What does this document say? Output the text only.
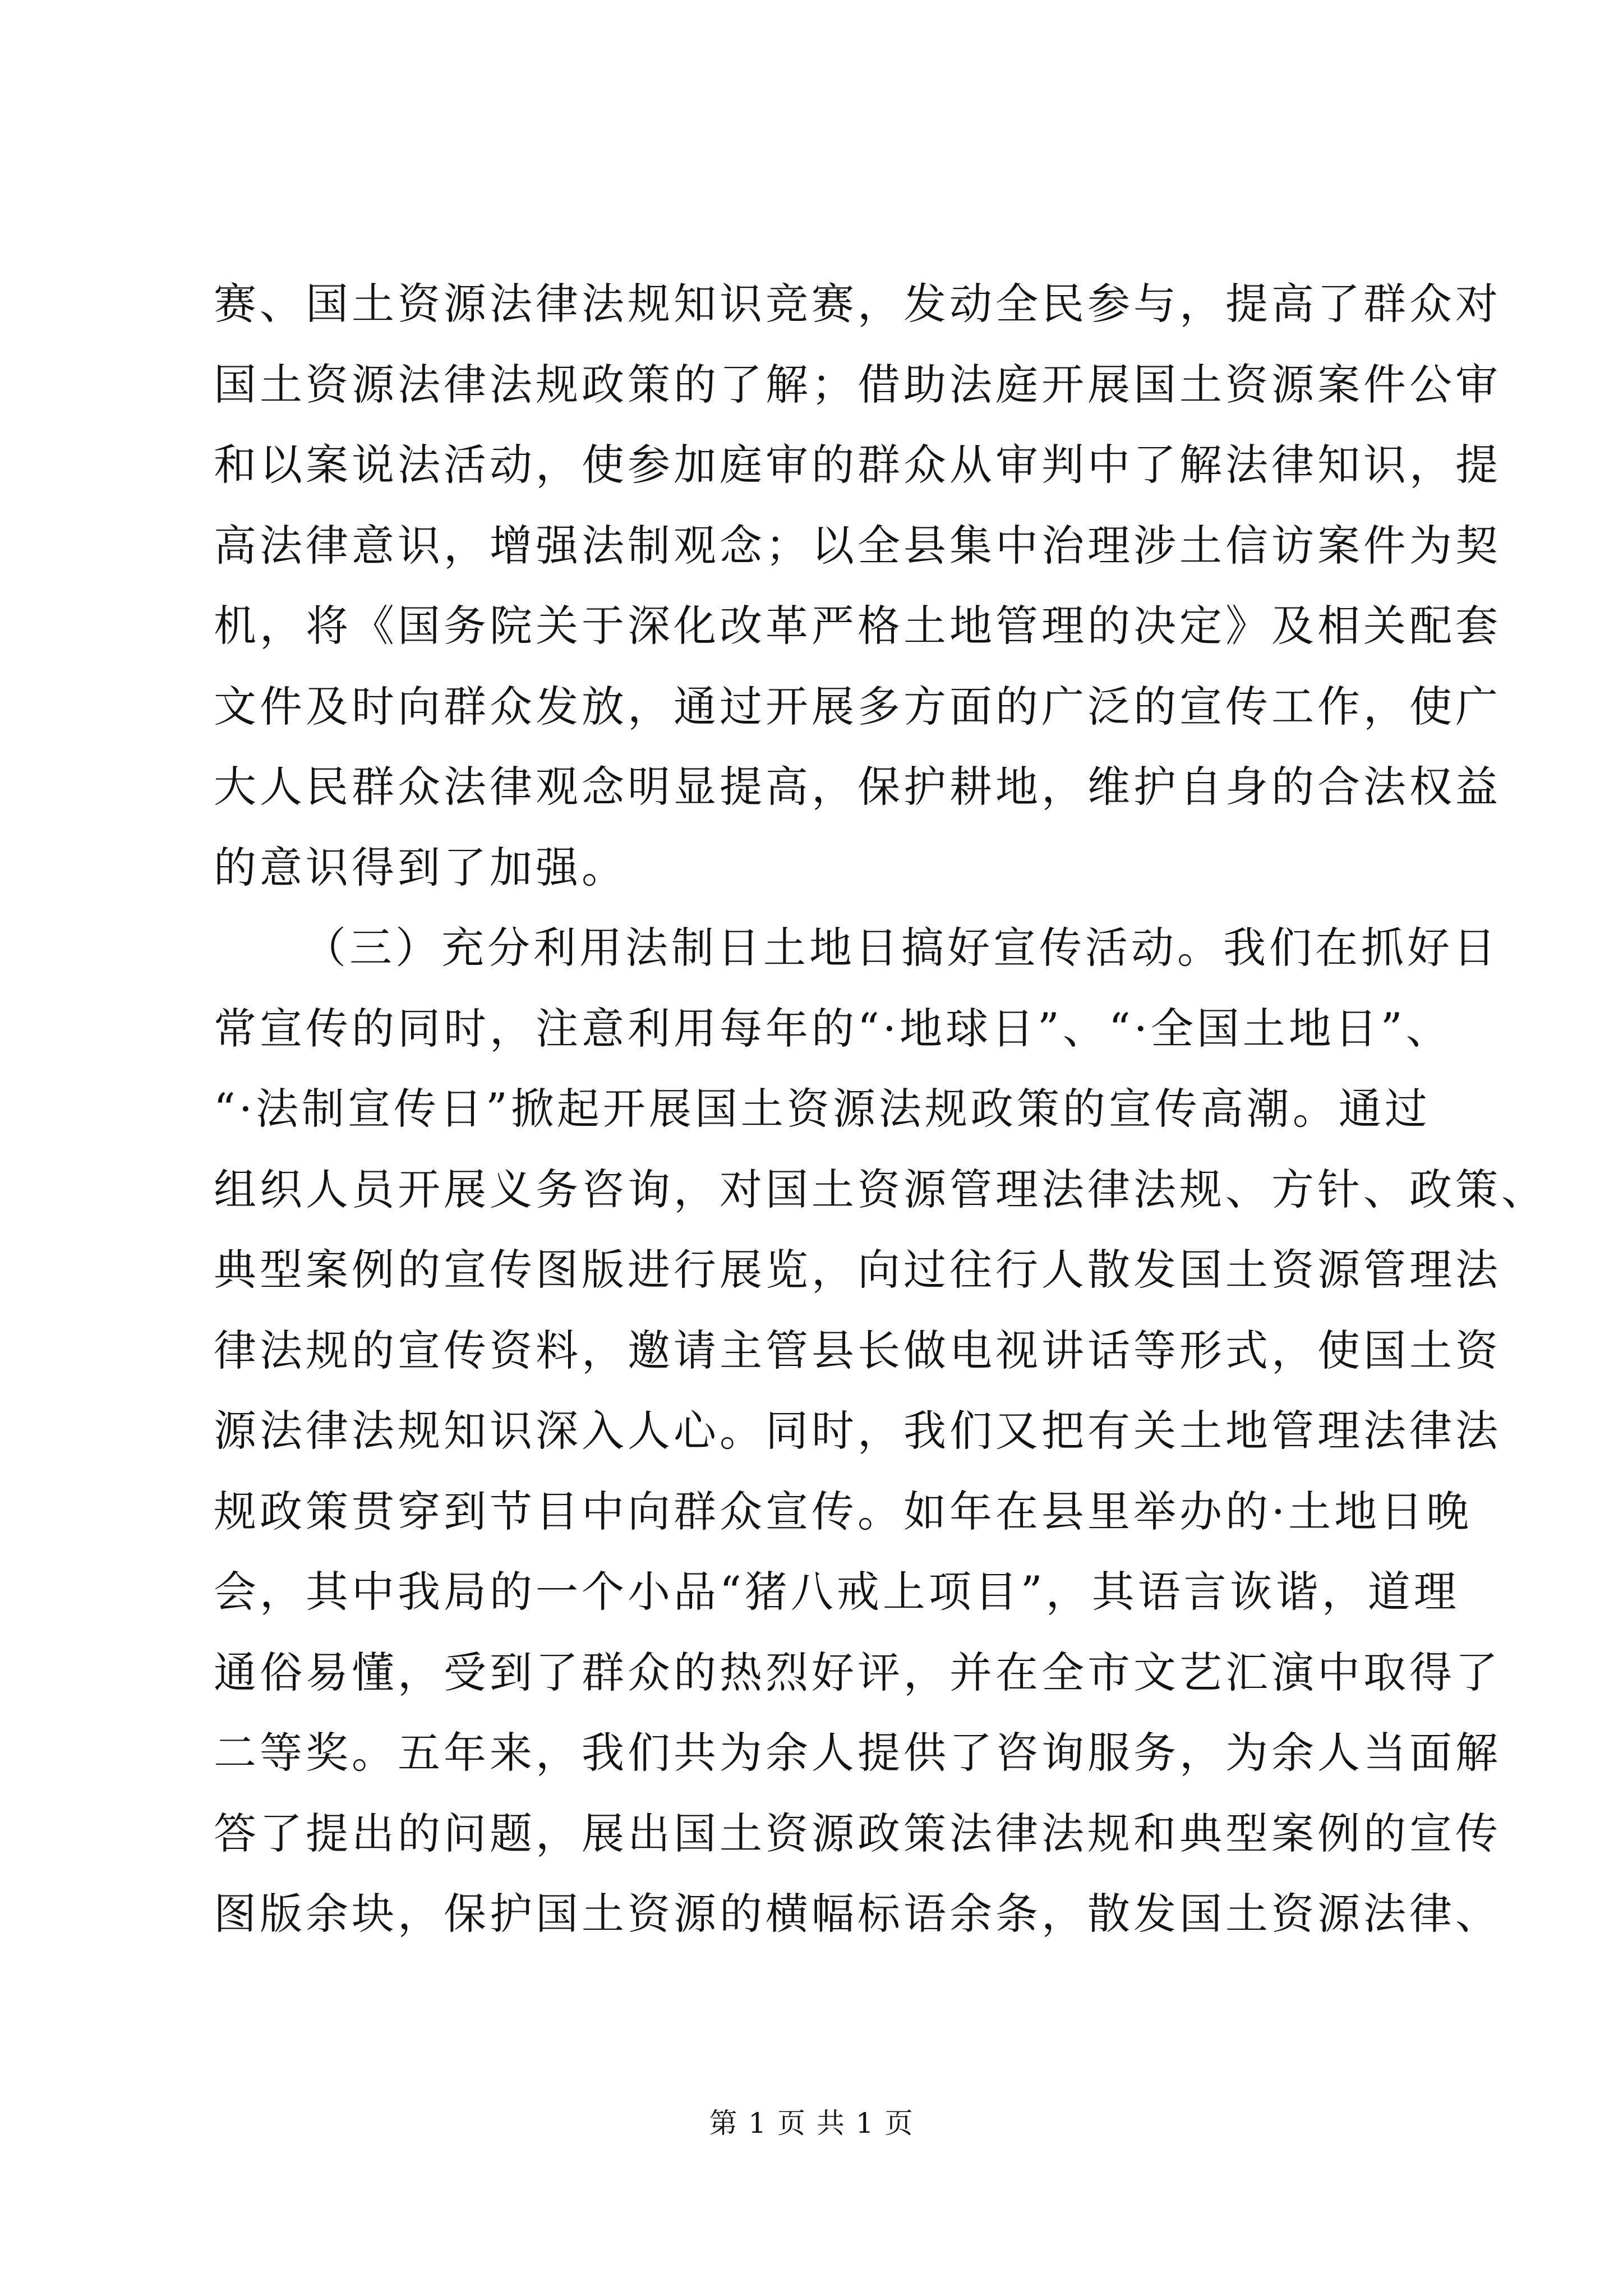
赛、国土资源法律法规知识竞赛，发动全民参与，提高了群众对
国土资源法律法规政策的了解；借助法庭开展国土资源案件公审
和以案说法活动，使参加庭审的群众从审判中了解法律知识，提
高法律意识，增强法制观念；以全县集中治理涉土信访案件为契
机，将《国务院关于深化改革严格土地管理的决定》及相关配套
文件及时向群众发放，通过开展多方面的广泛的宣传工作，使广
大人民群众法律观念明显提高，保护耕地，维护自身的合法权益
的意识得到了加强。
（三）充分利用法制日土地日搞好宣传活动。我们在抓好日
常宣传的同时，注意利用每年的“·地球日”、“·全国土地日”、
“·法制宣传日”掀起开展国土资源法规政策的宣传高潮。通过
组织人员开展义务咨询，对国土资源管理法律法规、方针、政策、
典型案例的宣传图版进行展览，向过往行人散发国土资源管理法
律法规的宣传资料，邀请主管县长做电视讲话等形式，使国土资
源法律法规知识深入人心。同时，我们又把有关土地管理法律法
规政策贯穿到节目中向群众宣传。如年在县里举办的·土地日晚
会，其中我局的一个小品“猪八戒上项目”，其语言诙谐，道理
通俗易懂，受到了群众的热烈好评，并在全市文艺汇演中取得了
二等奖。五年来，我们共为余人提供了咨询服务，为余人当面解
答了提出的问题，展出国土资源政策法律法规和典型案例的宣传
图版余块，保护国土资源的横幅标语余条，散发国土资源法律、
第 1 页 共 1 页
